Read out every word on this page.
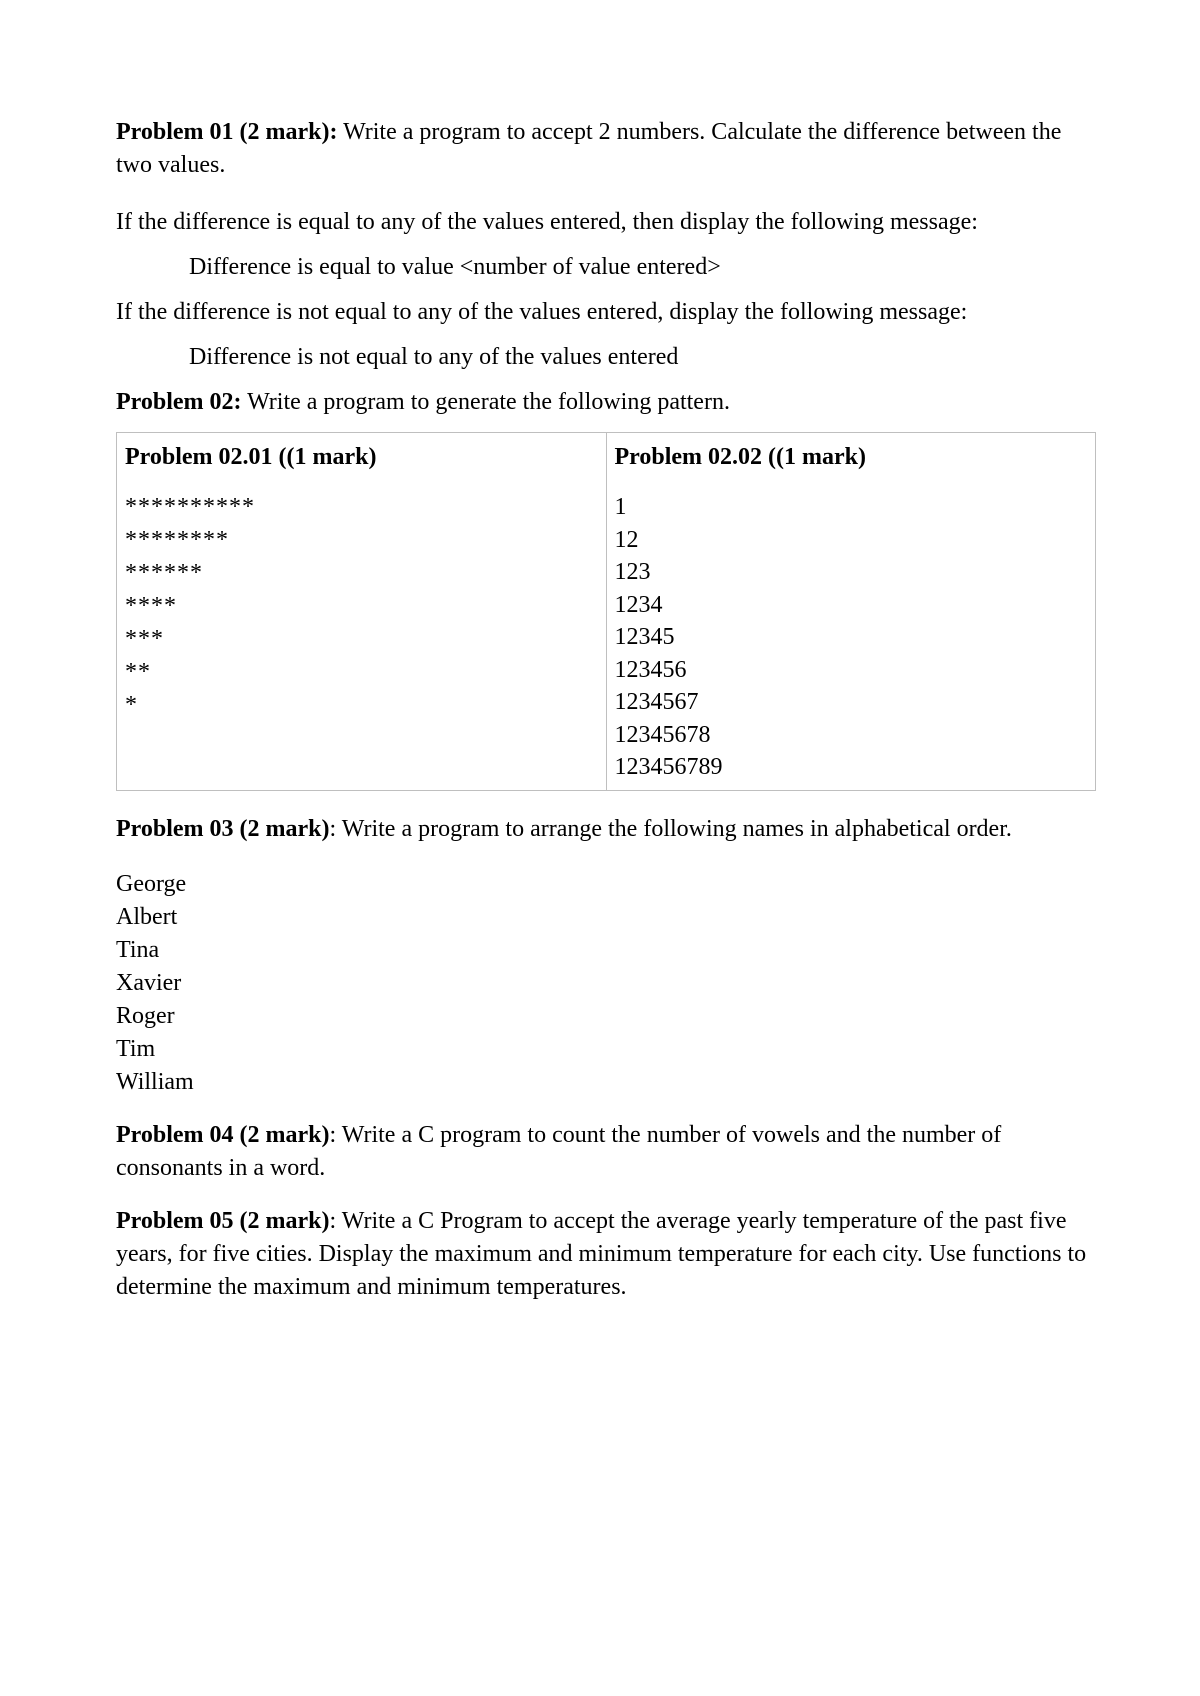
Problem 01 (2 mark): Write a program to accept 2 numbers. Calculate the difference between the two values.

If the difference is equal to any of the values entered, then display the following message:

Difference is equal to value <number of value entered>

If the difference is not equal to any of the values entered, display the following message:

Difference is not equal to any of the values entered

Problem 02: Write a program to generate the following pattern.

Problem 02.01 ((1 mark)
**********
********
******
****
***
**
*

Problem 02.02 ((1 mark)
1
12
123
1234
12345
123456
1234567
12345678
123456789

Problem 03 (2 mark): Write a program to arrange the following names in alphabetical order.

George
Albert
Tina
Xavier
Roger
Tim
William

Problem 04 (2 mark): Write a C program to count the number of vowels and the number of consonants in a word.

Problem 05 (2 mark): Write a C Program to accept the average yearly temperature of the past five years, for five cities. Display the maximum and minimum temperature for each city. Use functions to determine the maximum and minimum temperatures.
